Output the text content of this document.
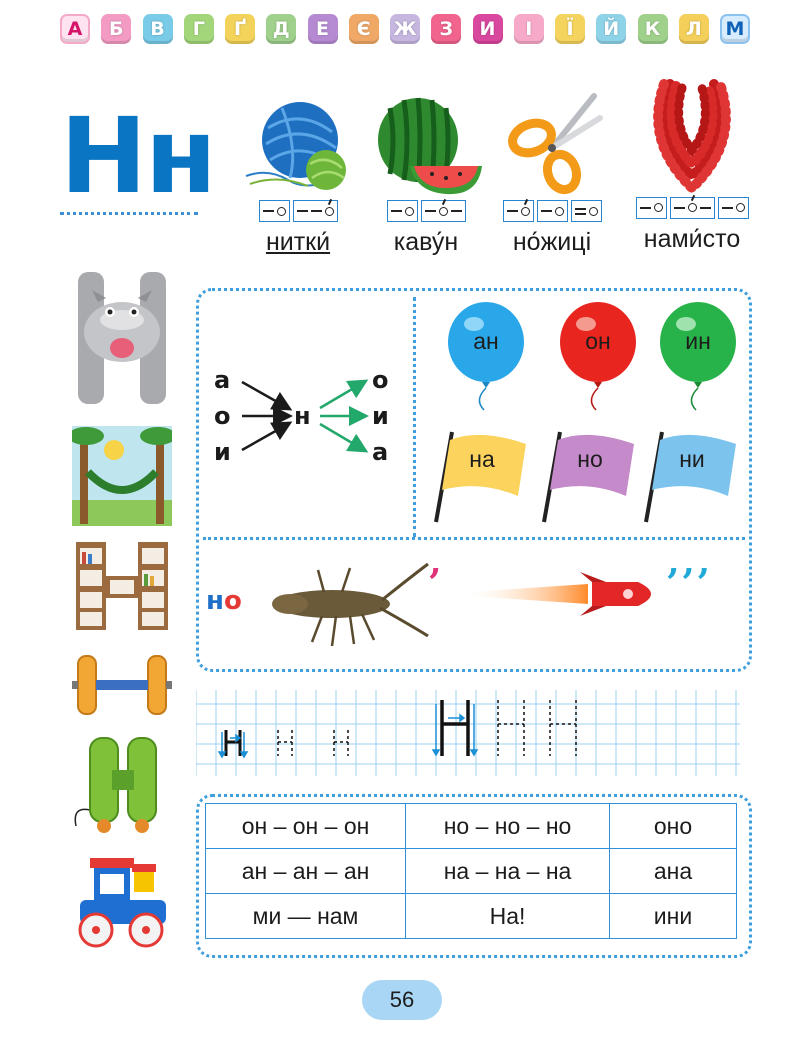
А	Б	В	Г	Ґ	Д	Е	Є	Ж	З	И	І	Ї	Й	К	Л	М
Нн
нитки́	каву́н	но́жиці	нами́сто
а
о
и
н
о
и
а
ан	он	ин
на	но	ни
но	’	’’’
он – он – он	но – но – но	оно
ан – ан – ан	на – на – на	ана
ми — нам	На!	ини
56
